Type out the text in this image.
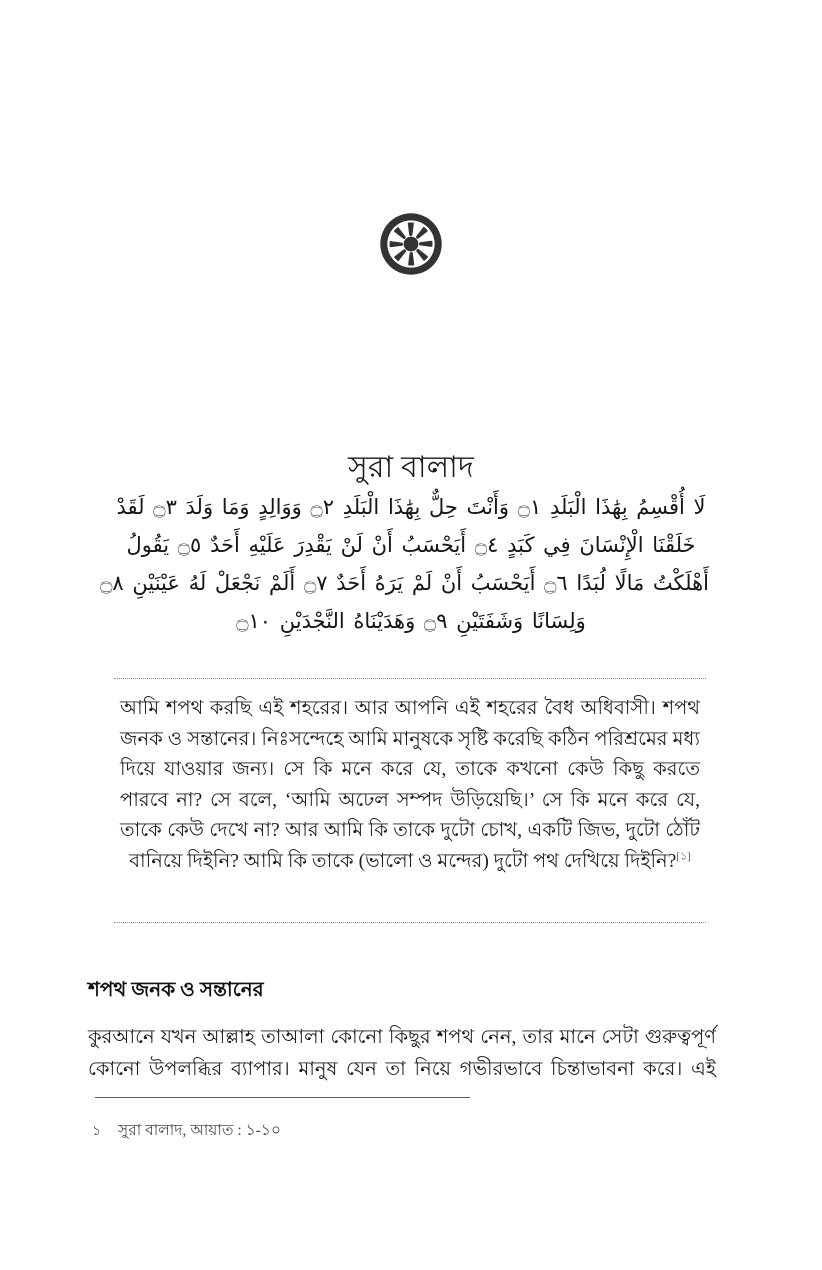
সুরা বালাদ
لَا أُقْسِمُ بِهَٰذَا الْبَلَدِ ۝١ وَأَنْتَ حِلٌّ بِهَٰذَا الْبَلَدِ ۝٢ وَوَالِدٍ وَمَا وَلَدَ ۝٣ لَقَدْ
خَلَقْنَا الْإِنْسَانَ فِي كَبَدٍ ۝٤ أَيَحْسَبُ أَنْ لَنْ يَقْدِرَ عَلَيْهِ أَحَدٌ ۝٥ يَقُولُ
أَهْلَكْتُ مَالًا لُبَدًا ۝٦ أَيَحْسَبُ أَنْ لَمْ يَرَهُ أَحَدٌ ۝٧ أَلَمْ نَجْعَلْ لَهُ عَيْنَيْنِ ۝٨
وَلِسَانًا وَشَفَتَيْنِ ۝٩ وَهَدَيْنَاهُ النَّجْدَيْنِ ۝١٠
আমি শপথ করছি এই শহরের। আর আপনি এই শহরের বৈধ অধিবাসী। শপথ জনক ও সন্তানের। নিঃসন্দেহে আমি মানুষকে সৃষ্টি করেছি কঠিন পরিশ্রমের মধ্য দিয়ে যাওয়ার জন্য। সে কি মনে করে যে, তাকে কখনো কেউ কিছু করতে পারবে না? সে বলে, ‘আমি অঢেল সম্পদ উড়িয়েছি।’ সে কি মনে করে যে, তাকে কেউ দেখে না? আর আমি কি তাকে দুটো চোখ, একটি জিভ, দুটো ঠোঁট বানিয়ে দিইনি? আমি কি তাকে (ভালো ও মন্দের) দুটো পথ দেখিয়ে দিইনি?[১]
শপথ জনক ও সন্তানের

কুরআনে যখন আল্লাহ তাআলা কোনো কিছুর শপথ নেন, তার মানে সেটা গুরুত্বপূর্ণ কোনো উপলব্ধির ব্যাপার। মানুষ যেন তা নিয়ে গভীরভাবে চিন্তাভাবনা করে। এই

১	সুরা বালাদ, আয়াত : ১-১০
